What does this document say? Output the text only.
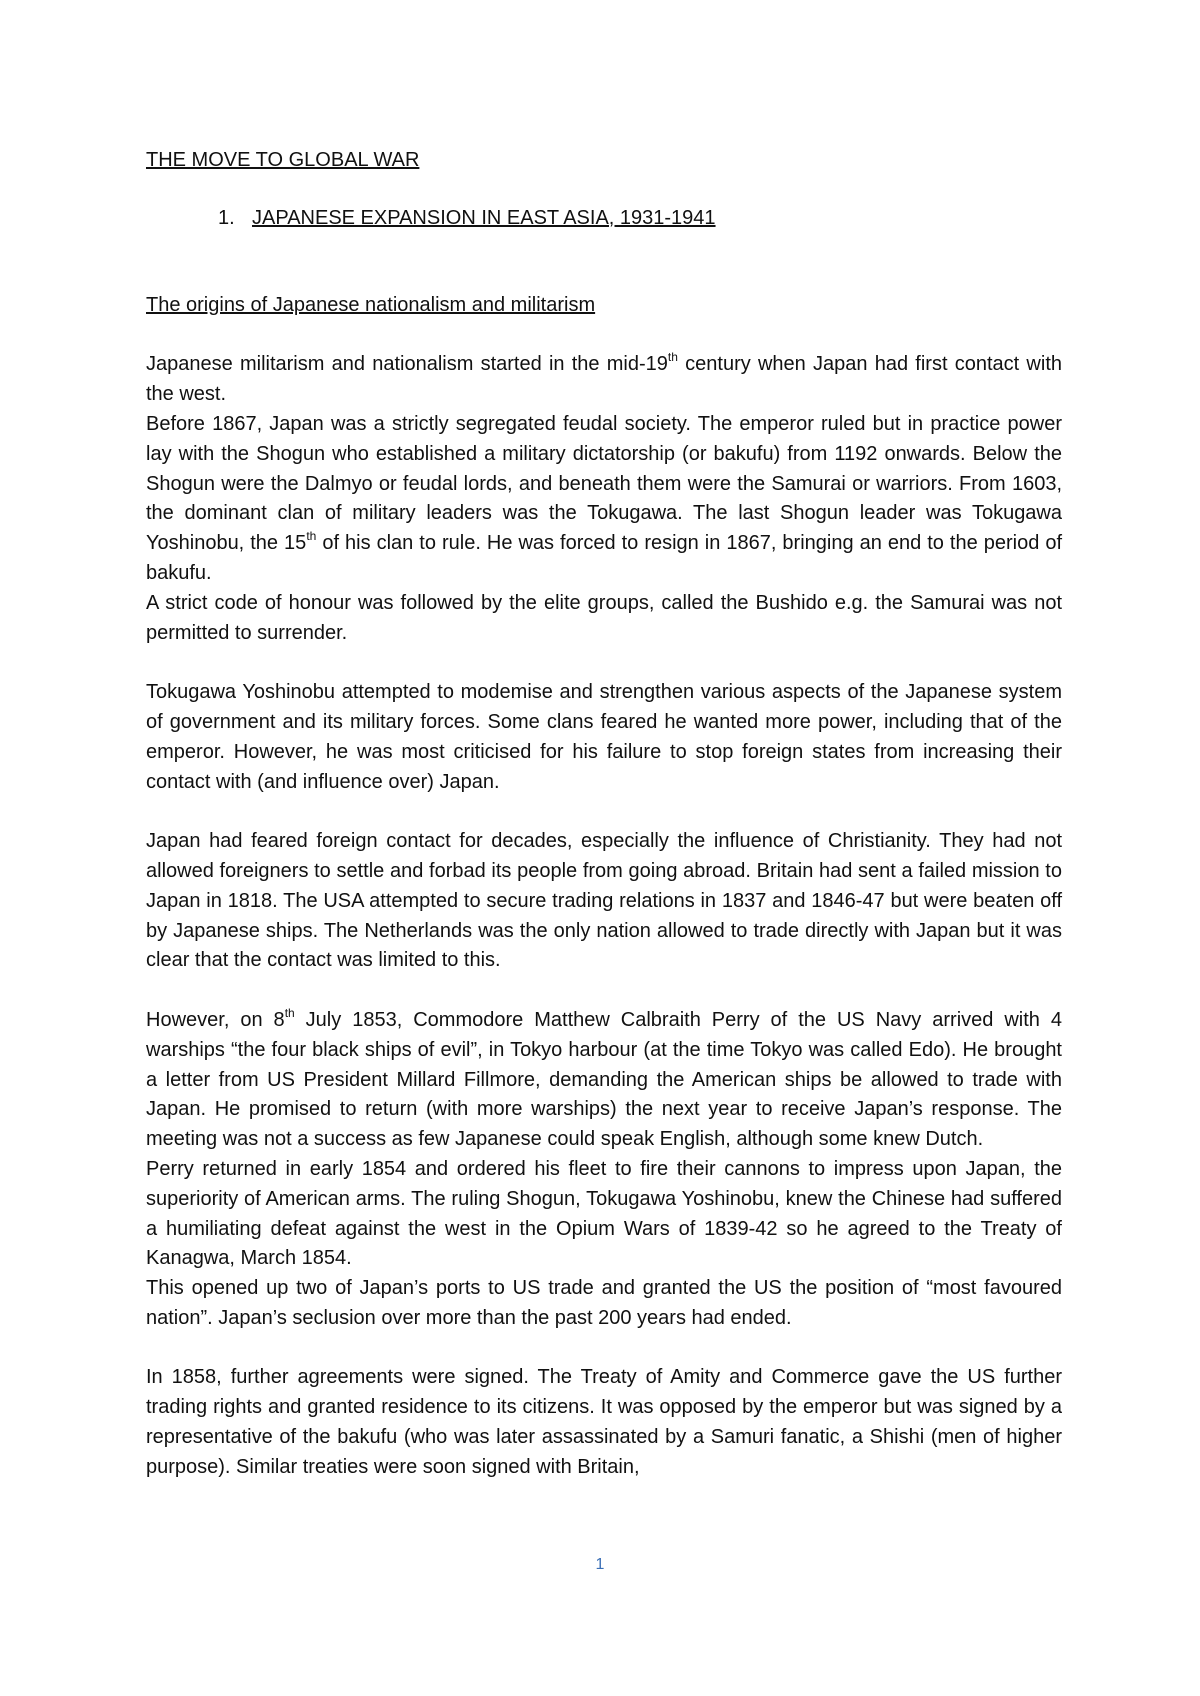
THE MOVE TO GLOBAL WAR
1. JAPANESE EXPANSION IN EAST ASIA, 1931-1941
The origins of Japanese nationalism and militarism

Japanese militarism and nationalism started in the mid-19th century when Japan had first contact with the west.

Before 1867, Japan was a strictly segregated feudal society. The emperor ruled but in practice power lay with the Shogun who established a military dictatorship (or bakufu) from 1192 onwards. Below the Shogun were the Dalmyo or feudal lords, and beneath them were the Samurai or warriors. From 1603, the dominant clan of military leaders was the Tokugawa. The last Shogun leader was Tokugawa Yoshinobu, the 15th of his clan to rule. He was forced to resign in 1867, bringing an end to the period of bakufu.

A strict code of honour was followed by the elite groups, called the Bushido e.g. the Samurai was not permitted to surrender.

Tokugawa Yoshinobu attempted to modemise and strengthen various aspects of the Japanese system of government and its military forces. Some clans feared he wanted more power, including that of the emperor. However, he was most criticised for his failure to stop foreign states from increasing their contact with (and influence over) Japan.

Japan had feared foreign contact for decades, especially the influence of Christianity. They had not allowed foreigners to settle and forbad its people from going abroad. Britain had sent a failed mission to Japan in 1818. The USA attempted to secure trading relations in 1837 and 1846-47 but were beaten off by Japanese ships. The Netherlands was the only nation allowed to trade directly with Japan but it was clear that the contact was limited to this.

However, on 8th July 1853, Commodore Matthew Calbraith Perry of the US Navy arrived with 4 warships “the four black ships of evil”, in Tokyo harbour (at the time Tokyo was called Edo). He brought a letter from US President Millard Fillmore, demanding the American ships be allowed to trade with Japan. He promised to return (with more warships) the next year to receive Japan’s response. The meeting was not a success as few Japanese could speak English, although some knew Dutch.

Perry returned in early 1854 and ordered his fleet to fire their cannons to impress upon Japan, the superiority of American arms. The ruling Shogun, Tokugawa Yoshinobu, knew the Chinese had suffered a humiliating defeat against the west in the Opium Wars of 1839-42 so he agreed to the Treaty of Kanagwa, March 1854.

This opened up two of Japan’s ports to US trade and granted the US the position of “most favoured nation”. Japan’s seclusion over more than the past 200 years had ended.

In 1858, further agreements were signed. The Treaty of Amity and Commerce gave the US further trading rights and granted residence to its citizens. It was opposed by the emperor but was signed by a representative of the bakufu (who was later assassinated by a Samuri fanatic, a Shishi (men of higher purpose). Similar treaties were soon signed with Britain,

1
